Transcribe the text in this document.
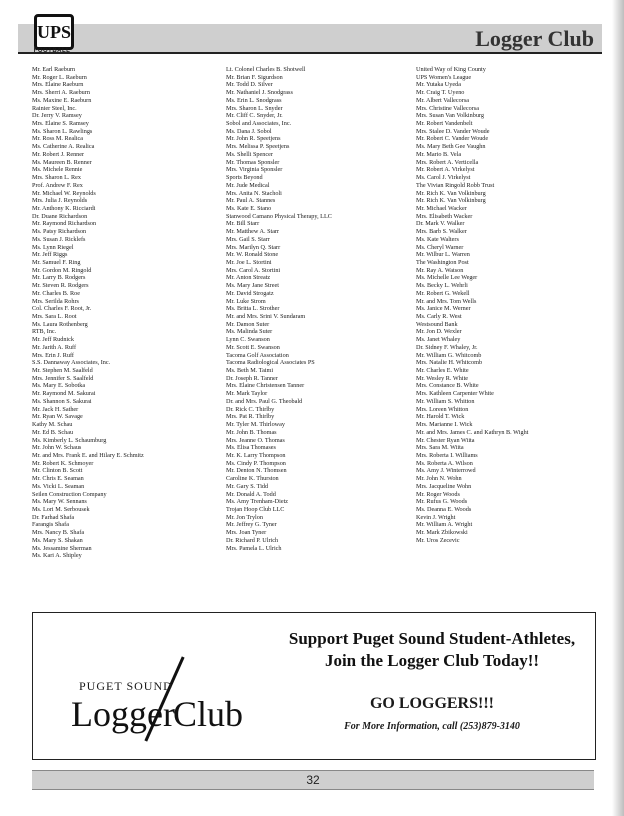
UPS
FOOTBALL	Logger Club
Mr. Earl Raeburn
Mr. Roger L. Raeburn
Mrs. Elaine Raeburn
Mrs. Sherri A. Raeburn
Ms. Maxine E. Raeburn
Rainier Steel, Inc.
Dr. Jerry V. Ramsey
Mrs. Elaine S. Ramsey
Ms. Sharon L. Rawlings
Mr. Ross M. Realica
Ms. Catherine A. Realica
Mr. Robert J. Renner
Ms. Maureen B. Renner
Ms. Michele Rennie
Mrs. Sharon L. Rex
Prof. Andrew F. Rex
Mr. Michael W. Reynolds
Mrs. Julia J. Reynolds
Mr. Anthony K. Ricciardi
Dr. Duane Richardson
Mr. Raymond Richardson
Ms. Patsy Richardson
Ms. Susan J. Ricklefs
Ms. Lynn Riegel
Mr. Jeff Riggs
Mr. Samuel F. Ring
Mr. Gordon M. Ringold
Mr. Larry B. Rodgers
Mr. Steven R. Rodgers
Mr. Charles B. Roe
Mrs. Serilda Rohrs
Col. Charles F. Root, Jr.
Mrs. Sara L. Root
Ms. Laura Rothenberg
RTB, Inc.
Mr. Jeff Rudnick
Mr. Jarith A. Ruff
Mrs. Erin J. Ruff
S.S. Dannaway Associates, Inc.
Mr. Stephen M. Saalfeld
Mrs. Jennifer S. Saalfeld
Ms. Mary E. Sobotka
Mr. Raymond M. Sakurai
Ms. Shannon S. Sakurai
Mr. Jack H. Sather
Mr. Ryan W. Savage
Kathy M. Schau
Mr. Ed B. Schau
Ms. Kimberly L. Schaumburg
Mr. John W. Schaus
Mr. and Mrs. Frank E. and Hilary E. Schmitz
Mr. Robert K. Schmoyer
Mr. Clinton B. Scott
Mr. Chris E. Seaman
Ms. Vicki L. Seaman
Seilen Construction Company
Ms. Mary W. Sennans
Ms. Lori M. Serbousek
Dr. Farhad Shafa
Farangis Shafa
Mrs. Nancy B. Shafa
Ms. Mary S. Shakan
Ms. Jessamine Sherman
Ms. Kari A. Shipley
Lt. Colonel Charles B. Shotwell
Mr. Brian F. Sigurdson
Mr. Todd D. Silver
Mr. Nathaniel J. Snodgrass
Ms. Erin L. Snodgrass
Mrs. Sharon L. Snyder
Mr. Cliff C. Snyder, Jr.
Sobol and Associates, Inc.
Ms. Dana J. Sobol
Mr. John R. Speetjens
Mrs. Melissa P. Speetjens
Ms. Shelli Spencer
Mr. Thomas Sponsler
Mrs. Virginia Sponsler
Sports Beyond
Mr. Jude Medical
Mrs. Anita N. Stacholi
Mr. Paul A. Stannes
Ms. Kate E. Stano
Stanwood Camano Physical Therapy, LLC
Mr. Bill Starr
Mr. Matthew A. Starr
Mrs. Gail S. Starr
Mrs. Marilyn Q. Starr
Mr. W. Ronald Stone
Mr. Joe L. Stortini
Mrs. Carol A. Stortini
Mr. Anton Streatz
Ms. Mary Jane Street
Mr. David Strogatz
Mr. Luke Strom
Ms. Britta L. Strother
Mr. and Mrs. Srini V. Sundaram
Mr. Damon Suter
Ms. Malinda Suter
Lynn C. Swanson
Mr. Scott E. Swanson
Tacoma Golf Association
Tacoma Radiological Associates PS
Ms. Beth M. Taimi
Dr. Joseph R. Tanner
Mrs. Elaine Christensen Tanner
Mr. Mark Taylor
Dr. and Mrs. Paul G. Theobald
Dr. Rick C. Thirlby
Mrs. Pat R. Thirlby
Mr. Tyler M. Thirloway
Mr. John B. Thomas
Mrs. Jeanne O. Thomas
Ms. Elisa Thomases
Mr. K. Larry Thompson
Ms. Cindy P. Thompson
Mr. Denton N. Thomsen
Caroline K. Thurston
Mr. Gary S. Tidd
Mr. Donald A. Todd
Ms. Amy Trenham-Dietz
Trojan Hoop Club LLC
Mr. Jon Trylon
Mr. Jeffrey G. Tyner
Mrs. Joan Tyner
Dr. Richard P. Ulrich
Mrs. Pamela L. Ulrich
United Way of King County
UPS Women's League
Mr. Yutaka Uyeda
Mr. Craig T. Uyeno
Mr. Albert Vallecorsa
Mrs. Christine Vallecorsa
Mrs. Susan Van Volkinburg
Mr. Robert Vandenbelt
Mrs. Stalee D. Vander Woude
Mr. Robert C. Vander Woude
Ms. Mary Beth Gee Vaughn
Mr. Mario B. Vela
Mrs. Robert A. Verticella
Mr. Robert A. Virkelyst
Ms. Carol J. Virkelyst
The Vivian Ringold Robb Trust
Mr. Rich K. Van Volkinburg
Mr. Rich K. Van Volkinburg
Mr. Michael Wacker
Mrs. Elisabeth Wacker
Dr. Mark V. Walker
Mrs. Barb S. Walker
Ms. Kate Walters
Ms. Cheryl Warner
Mr. Wilbur L. Warren
The Washington Post
Mr. Ray A. Watson
Ms. Michelle Lee Weger
Ms. Becky L. Wehrli
Mr. Robert G. Wekell
Mr. and Mrs. Tom Wells
Ms. Janice M. Werner
Ms. Carly R. West
Westsound Bank
Mr. Jon D. Wexler
Ms. Janet Whaley
Dr. Sidney F. Whaley, Jr.
Mr. William G. Whitcomb
Mrs. Natalie H. Whitcomb
Mr. Charles E. White
Mr. Wesley R. White
Mrs. Constance B. White
Mrs. Kathleen Carpenter White
Mr. William S. Whitton
Mrs. Loreen Whitton
Mr. Harold T. Wick
Mrs. Marianne I. Wick
Mr. and Mrs. James C. and Kathryn B. Wight
Mr. Chester Ryan Wiita
Mrs. Sara M. Wiita
Mrs. Roberta I. Williams
Ms. Roberta A. Wilson
Ms. Amy J. Winterrowd
Mr. John N. Wohn
Mrs. Jacqueline Wohn
Mr. Roger Woods
Mr. Rufus G. Woods
Ms. Deanna E. Woods
Kevin J. Wright
Mr. William A. Wright
Mr. Mark Zbikowski
Mr. Uros Zecevic
PUGET SOUND
Logger
Club
Support Puget Sound Student-Athletes,
Join the Logger Club Today!!
GO LOGGERS!!!
For More Information, call (253)879-3140
32
